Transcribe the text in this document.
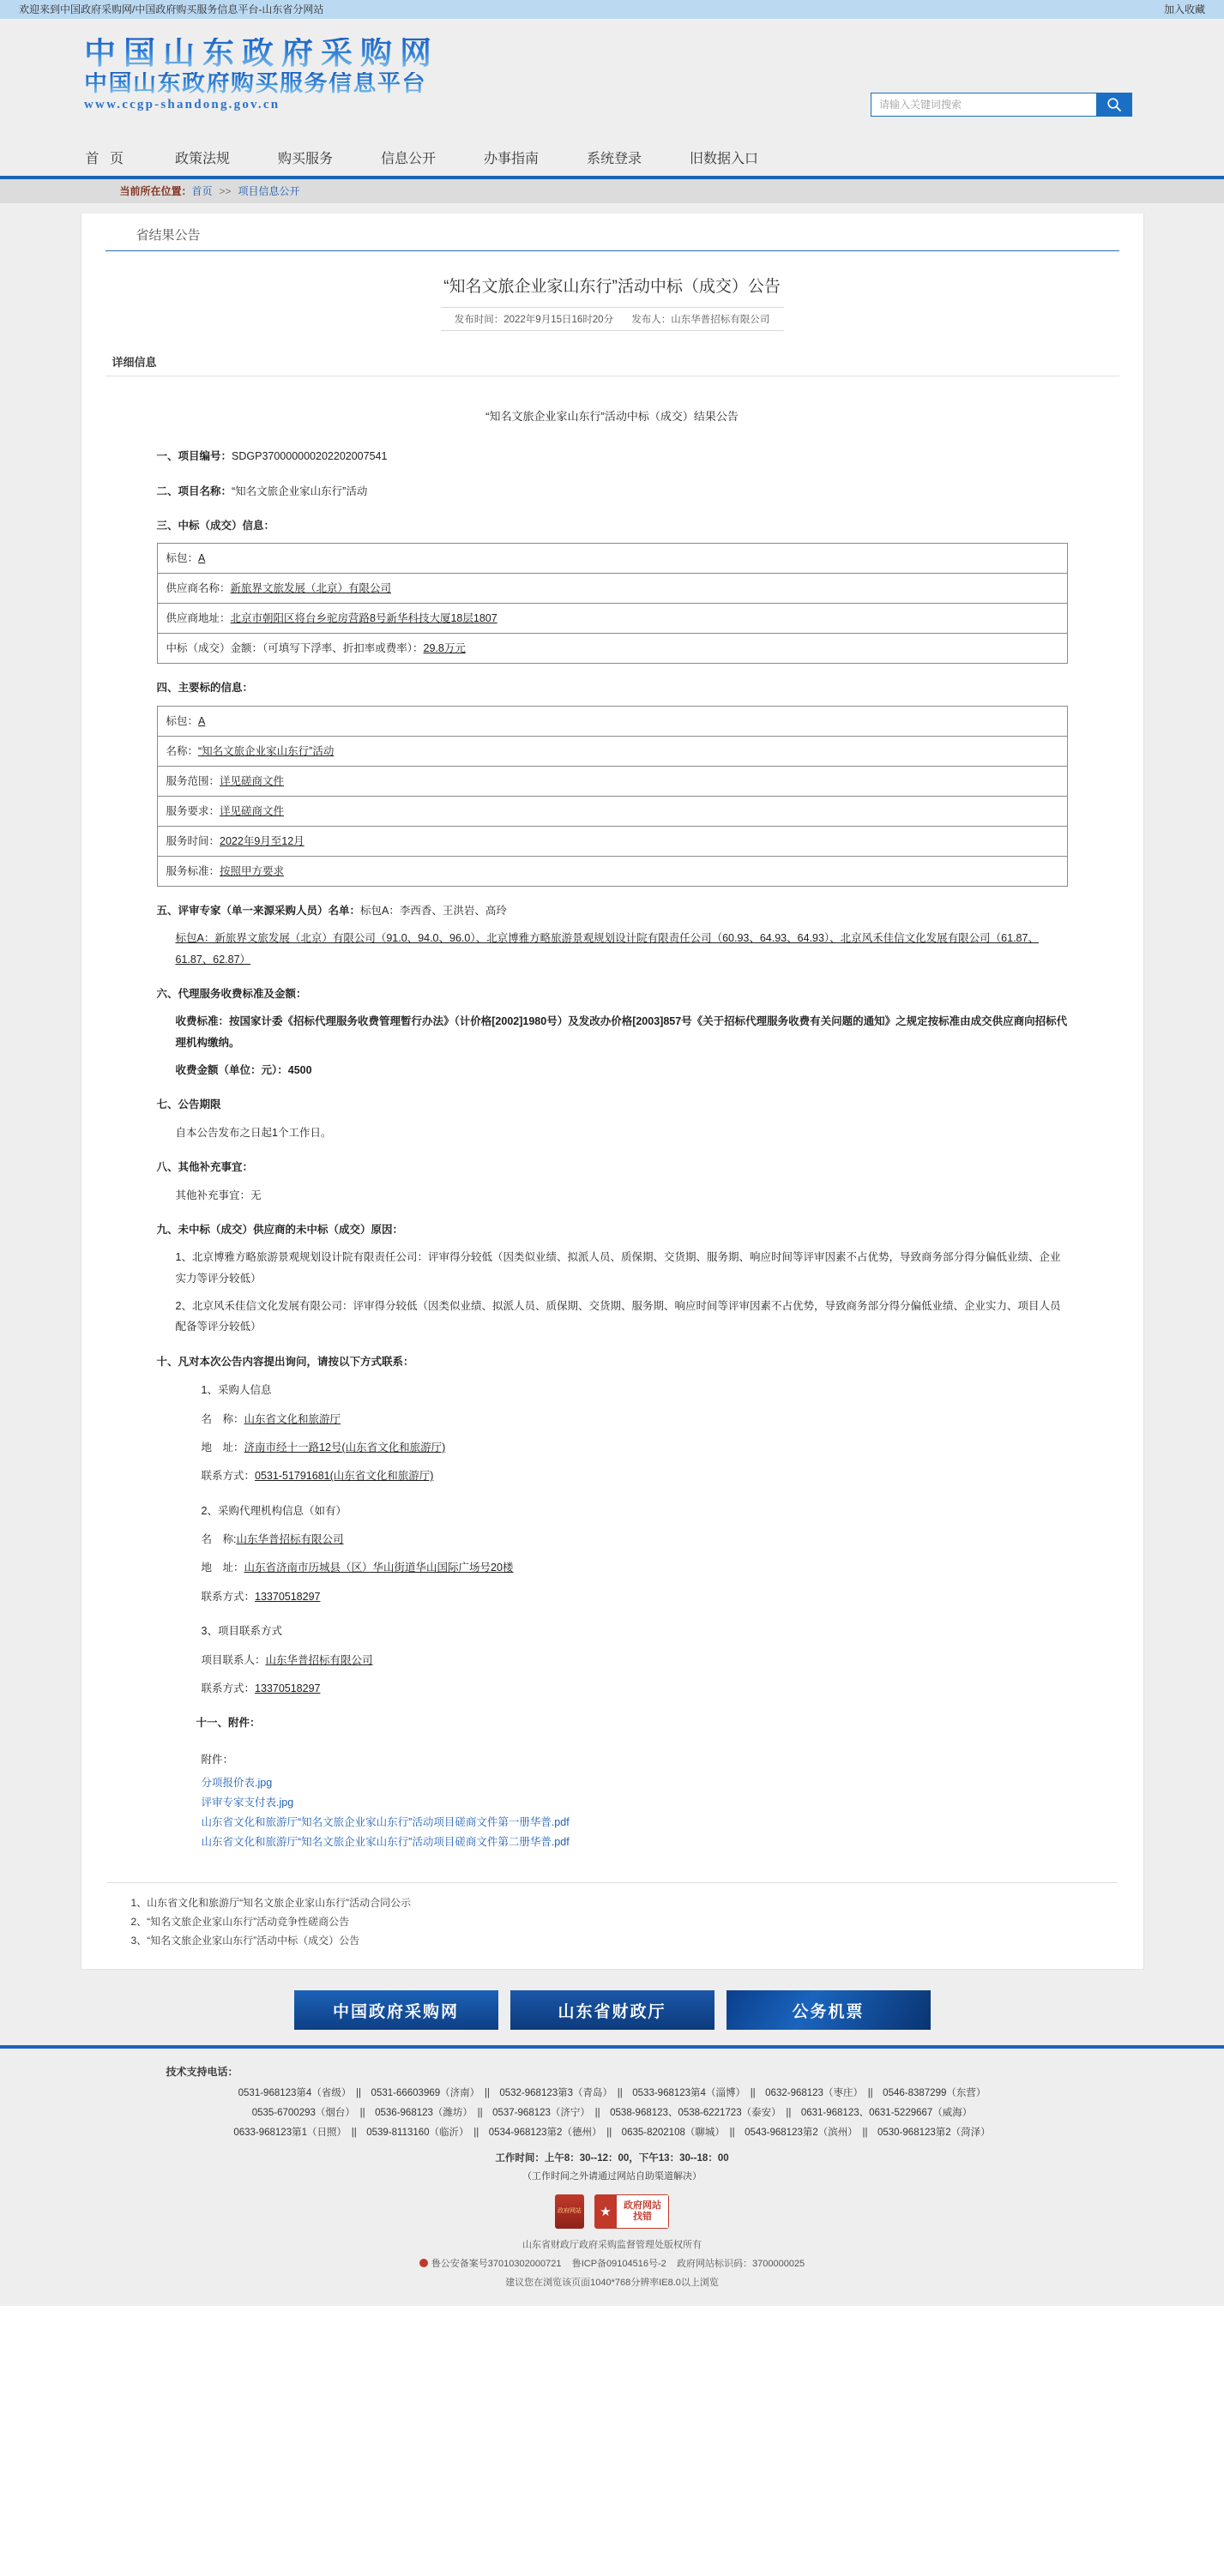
欢迎来到中国政府采购网/中国政府购买服务信息平台-山东省分网站	加入收藏
中国山东政府采购网
中国山东政府购买服务信息平台
www.ccgp-shandong.gov.cn
请输入关键词搜索
首 页	政策法规	购买服务	信息公开	办事指南	系统登录	旧数据入口
当前所在位置：首页 >> 项目信息公开
省结果公告
“知名文旅企业家山东行”活动中标（成交）公告
发布时间：2022年9月15日16时20分 发布人：山东华普招标有限公司
详细信息
“知名文旅企业家山东行”活动中标（成交）结果公告
一、项目编号：SDGP370000000202202007541
二、项目名称：“知名文旅企业家山东行”活动
三、中标（成交）信息：
标包：A
供应商名称：新旅界文旅发展（北京）有限公司
供应商地址：北京市朝阳区将台乡驼房营路8号新华科技大厦18层1807
中标（成交）金额：（可填写下浮率、折扣率或费率）：29.8万元
四、主要标的信息：
标包：A
名称：“知名文旅企业家山东行”活动
服务范围：详见磋商文件
服务要求：详见磋商文件
服务时间：2022年9月至12月
服务标准：按照甲方要求
五、评审专家（单一来源采购人员）名单：标包A：李西香、王洪岩、高玲
标包A：新旅界文旅发展（北京）有限公司（91.0、94.0、96.0）、北京博雅方略旅游景观规划设计院有限责任公司（60.93、64.93、64.93）、北京风禾佳信文化发展有限公司（61.87、61.87、62.87）
六、代理服务收费标准及金额：
收费标准：按国家计委《招标代理服务收费管理暂行办法》（计价格[2002]1980号）及发改办价格[2003]857号《关于招标代理服务收费有关问题的通知》之规定按标准由成交供应商向招标代理机构缴纳。
收费金额（单位：元）：4500
七、公告期限
自本公告发布之日起1个工作日。
八、其他补充事宜：
其他补充事宜：无
九、未中标（成交）供应商的未中标（成交）原因：
1、北京博雅方略旅游景观规划设计院有限责任公司：评审得分较低（因类似业绩、拟派人员、质保期、交货期、服务期、响应时间等评审因素不占优势，导致商务部分得分偏低业绩、企业实力等评分较低）
2、北京风禾佳信文化发展有限公司：评审得分较低（因类似业绩、拟派人员、质保期、交货期、服务期、响应时间等评审因素不占优势，导致商务部分得分偏低业绩、企业实力、项目人员配备等评分较低）
十、凡对本次公告内容提出询问，请按以下方式联系：
1、采购人信息
名　称：山东省文化和旅游厅
地　址：济南市经十一路12号(山东省文化和旅游厅)
联系方式：0531-51791681(山东省文化和旅游厅)
2、采购代理机构信息（如有）
名　称:山东华普招标有限公司
地　址：山东省济南市历城县（区）华山街道华山国际广场号20楼
联系方式：13370518297
3、项目联系方式
项目联系人：山东华普招标有限公司
联系方式：13370518297
十一、附件：
附件：
分项报价表.jpg
评审专家支付表.jpg
山东省文化和旅游厅“知名文旅企业家山东行”活动项目磋商文件第一册华普.pdf
山东省文化和旅游厅“知名文旅企业家山东行”活动项目磋商文件第二册华普.pdf
1、山东省文化和旅游厅“知名文旅企业家山东行”活动合同公示
2、“知名文旅企业家山东行”活动竞争性磋商公告
3、“知名文旅企业家山东行”活动中标（成交）公告
中国政府采购网	山东省财政厅	公务机票
技术支持电话：
0531-968123第4（省级）　||　0531-66603969（济南）　||　0532-968123第3（青岛）　||　0533-968123第4（淄博）　||　0632-968123（枣庄）　||　0546-8387299（东营）
0535-6700293（烟台）　||　0536-968123（潍坊）　||　0537-968123（济宁）　||　0538-968123、0538-6221723（泰安）　||　0631-968123、0631-5229667（威海）
0633-968123第1（日照）　||　0539-8113160（临沂）　||　0534-968123第2（德州）　||　0635-8202108（聊城）　||　0543-968123第2（滨州）　||　0530-968123第2（菏泽）
工作时间：上午8：30--12：00，下午13：30--18：00
（工作时间之外请通过网站自助渠道解决）
政府网站	★	政府网站
找错
山东省财政厅政府采购监督管理处版权所有
鲁公安备案号37010302000721 鲁ICP备09104516号-2 政府网站标识码：3700000025
建议您在浏览该页面1040*768分辨率IE8.0以上浏览
